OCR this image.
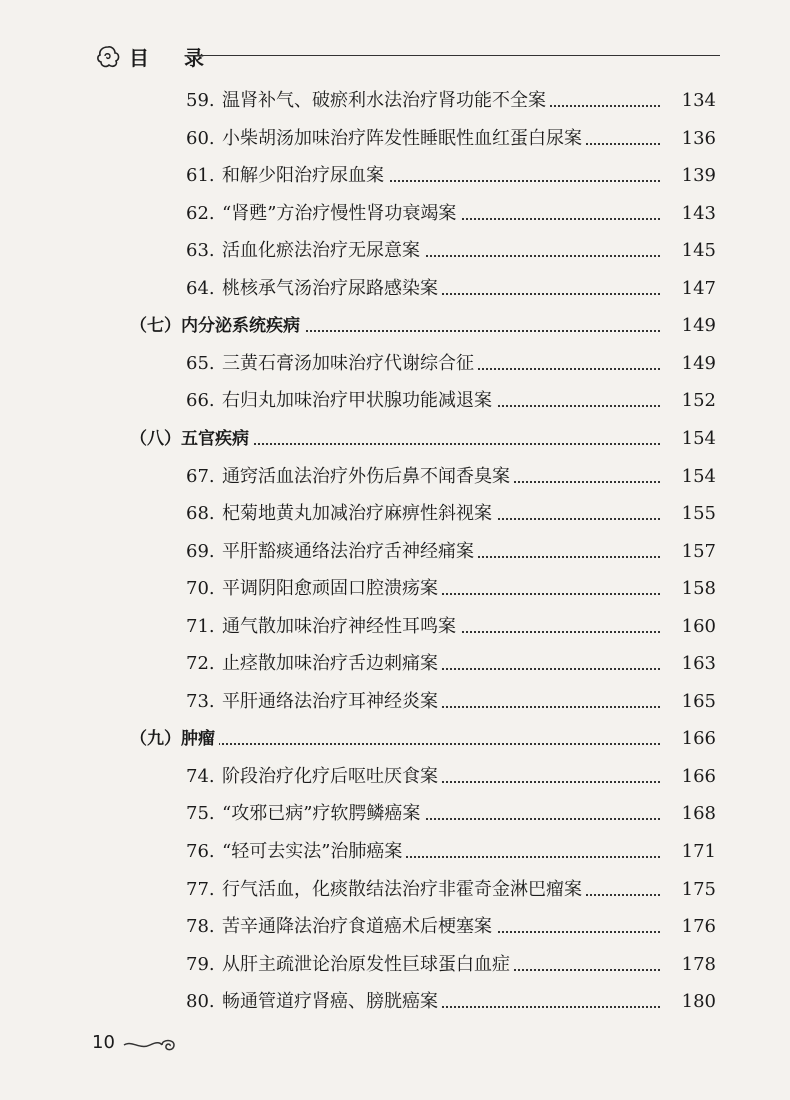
目 录
59. 温肾补气、破瘀利水法治疗肾功能不全案	134
60. 小柴胡汤加味治疗阵发性睡眠性血红蛋白尿案	136
61. 和解少阳治疗尿血案	139
62. “肾甦”方治疗慢性肾功衰竭案	143
63. 活血化瘀法治疗无尿意案	145
64. 桃核承气汤治疗尿路感染案	147
（七）内分泌系统疾病	149
65. 三黄石膏汤加味治疗代谢综合征	149
66. 右归丸加味治疗甲状腺功能减退案	152
（八）五官疾病	154
67. 通窍活血法治疗外伤后鼻不闻香臭案	154
68. 杞菊地黄丸加减治疗麻痹性斜视案	155
69. 平肝豁痰通络法治疗舌神经痛案	157
70. 平调阴阳愈顽固口腔溃疡案	158
71. 通气散加味治疗神经性耳鸣案	160
72. 止痉散加味治疗舌边刺痛案	163
73. 平肝通络法治疗耳神经炎案	165
（九）肿瘤	166
74. 阶段治疗化疗后呕吐厌食案	166
75. “攻邪已病”疗软腭鳞癌案	168
76. “轻可去实法”治肺癌案	171
77. 行气活血，化痰散结法治疗非霍奇金淋巴瘤案	175
78. 苦辛通降法治疗食道癌术后梗塞案	176
79. 从肝主疏泄论治原发性巨球蛋白血症	178
80. 畅通管道疗肾癌、膀胱癌案	180
10
